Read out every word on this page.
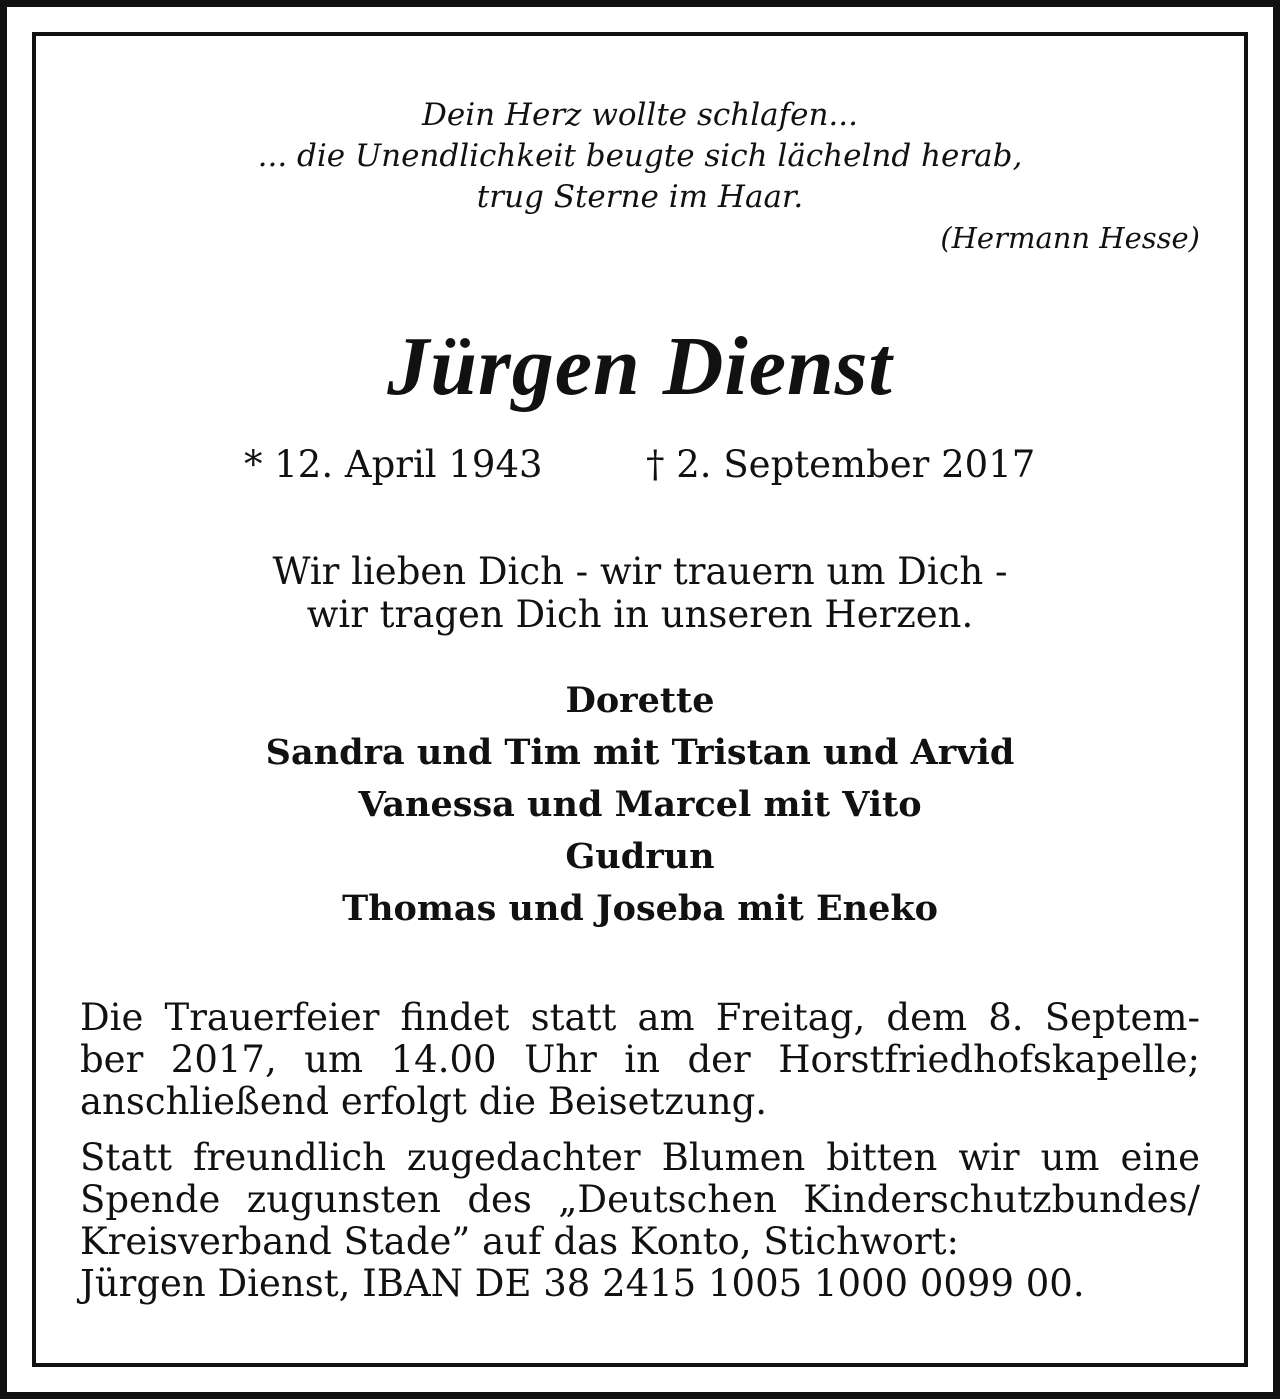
Dein Herz wollte schlafen...
... die Unendlichkeit beugte sich lächelnd herab,
trug Sterne im Haar.
(Hermann Hesse)
Jürgen Dienst
* 12. April 1943	† 2. September 2017
Wir lieben Dich - wir trauern um Dich -
wir tragen Dich in unseren Herzen.
Dorette
Sandra und Tim mit Tristan und Arvid
Vanessa und Marcel mit Vito
Gudrun
Thomas und Joseba mit Eneko

Die Trauerfeier findet statt am Freitag, dem 8. Septem-
ber 2017, um 14.00 Uhr in der Horstfriedhofskapelle;
anschließend erfolgt die Beisetzung.

Statt freundlich zugedachter Blumen bitten wir um eine
Spende zugunsten des „Deutschen Kinderschutzbundes/
Kreisverband Stade” auf das Konto, Stichwort:
Jürgen Dienst, IBAN DE 38 2415 1005 1000 0099 00.
